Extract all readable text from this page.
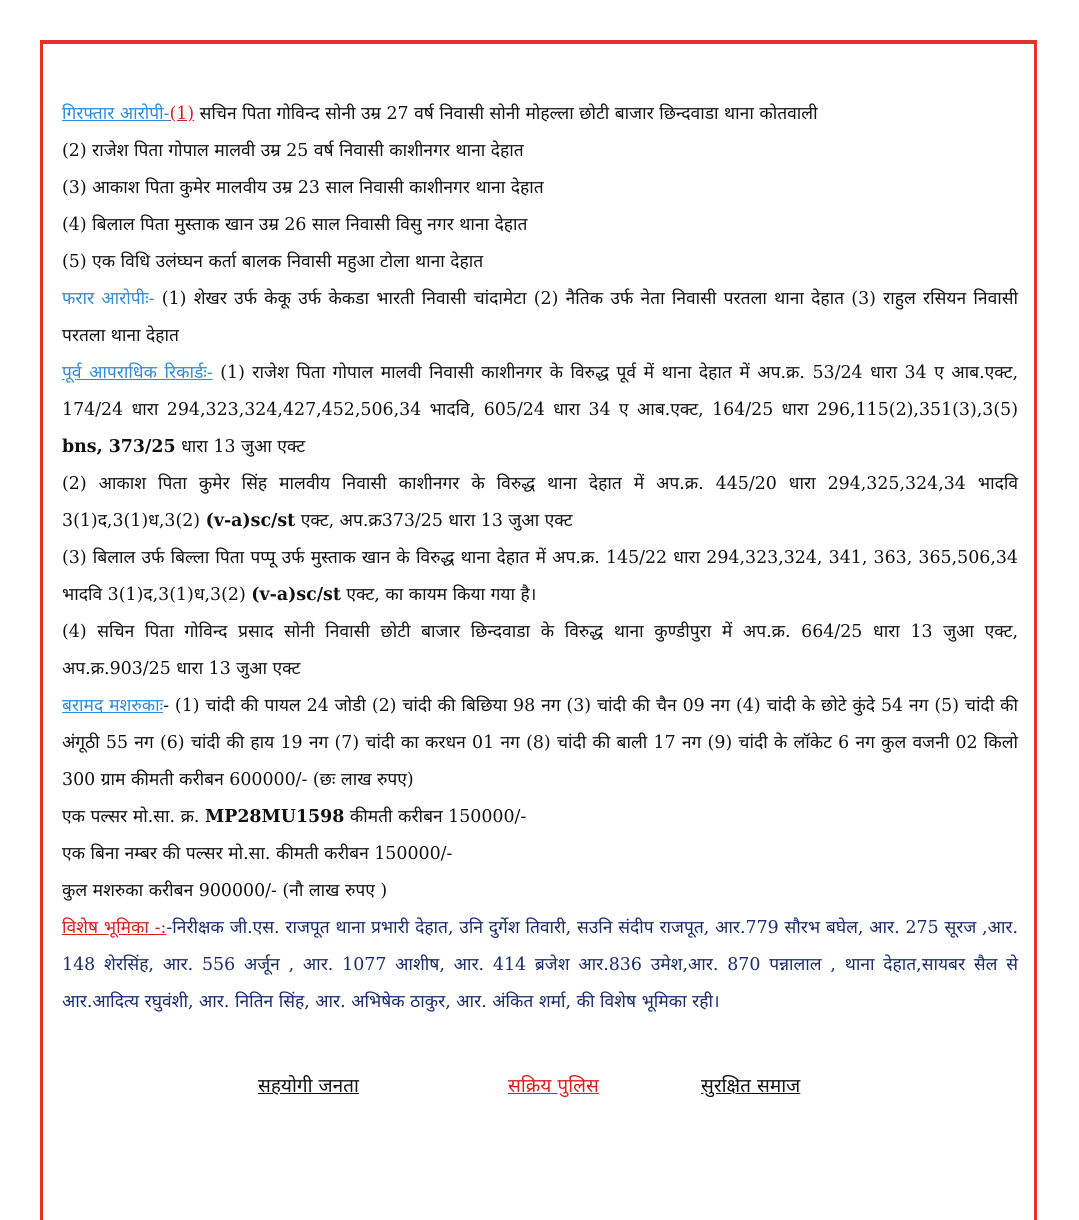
गिरफ्तार आरोपी-(1) सचिन पिता गोविन्द सोनी उम्र 27 वर्ष निवासी सोनी मोहल्ला छोटी बाजार छिन्दवाडा थाना कोतवाली
(2) राजेश पिता गोपाल मालवी उम्र 25 वर्ष निवासी काशीनगर थाना देहात
(3) आकाश पिता कुमेर मालवीय उम्र 23 साल निवासी काशीनगर थाना देहात
(4) बिलाल पिता मुस्ताक खान उम्र 26 साल निवासी विसु नगर थाना देहात
(5) एक विधि उलंघ्घन कर्ता बालक निवासी महुआ टोला थाना देहात
फरार आरोपीः- (1) शेखर उर्फ केकू उर्फ केकडा भारती निवासी चांदामेटा (2) नैतिक उर्फ नेता निवासी परतला थाना देहात (3) राहुल रसियन निवासी परतला थाना देहात
पूर्व आपराधिक रिकार्डः- (1) राजेश पिता गोपाल मालवी निवासी काशीनगर के विरुद्ध पूर्व में थाना देहात में अप.क्र. 53/24 धारा 34 ए आब.एक्ट, 174/24 धारा 294,323,324,427,452,506,34 भादवि, 605/24 धारा 34 ए आब.एक्ट, 164/25 धारा 296,115(2),351(3),3(5) bns, 373/25 धारा 13 जुआ एक्ट
(2) आकाश पिता कुमेर सिंह मालवीय निवासी काशीनगर के विरुद्ध थाना देहात में अप.क्र. 445/20 धारा 294,325,324,34 भादवि 3(1)द,3(1)ध,3(2) (v-a)sc/st एक्ट, अप.क्र373/25 धारा 13 जुआ एक्ट
(3) बिलाल उर्फ बिल्ला पिता पप्पू उर्फ मुस्ताक खान के विरुद्ध थाना देहात में अप.क्र. 145/22 धारा 294,323,324, 341, 363, 365,506,34 भादवि 3(1)द,3(1)ध,3(2) (v-a)sc/st एक्ट, का कायम किया गया है।
(4) सचिन पिता गोविन्द प्रसाद सोनी निवासी छोटी बाजार छिन्दवाडा के विरुद्ध थाना कुण्डीपुरा में अप.क्र. 664/25 धारा 13 जुआ एक्ट, अप.क्र.903/25 धारा 13 जुआ एक्ट
बरामद मशरुकाः- (1) चांदी की पायल 24 जोडी (2) चांदी की बिछिया 98 नग (3) चांदी की चैन 09 नग (4) चांदी के छोटे कुंदे 54 नग (5) चांदी की अंगूठी 55 नग (6) चांदी की हाय 19 नग (7) चांदी का करधन 01 नग (8) चांदी की बाली 17 नग (9) चांदी के लॉकेट 6 नग कुल वजनी 02 किलो 300 ग्राम कीमती करीबन 600000/- (छः लाख रुपए)
एक पल्सर मो.सा. क्र. MP28MU1598 कीमती करीबन 150000/-
एक बिना नम्बर की पल्सर मो.सा. कीमती करीबन 150000/-
कुल मशरुका करीबन 900000/- (नौ लाख रुपए )
विशेष भूमिका -:-निरीक्षक जी.एस. राजपूत थाना प्रभारी देहात, उनि दुर्गेश तिवारी, सउनि संदीप राजपूत, आर.779 सौरभ बघेल, आर. 275 सूरज ,आर. 148 शेरसिंह, आर. 556 अर्जून , आर. 1077 आशीष, आर. 414 ब्रजेश आर.836 उमेश,आर. 870 पन्नालाल , थाना देहात,सायबर सैल से आर.आदित्य रघुवंशी, आर. नितिन सिंह, आर. अभिषेक ठाकुर, आर. अंकित शर्मा, की विशेष भूमिका रही।
सहयोगी जनता	सक्रिय पुलिस	सुरक्षित समाज
